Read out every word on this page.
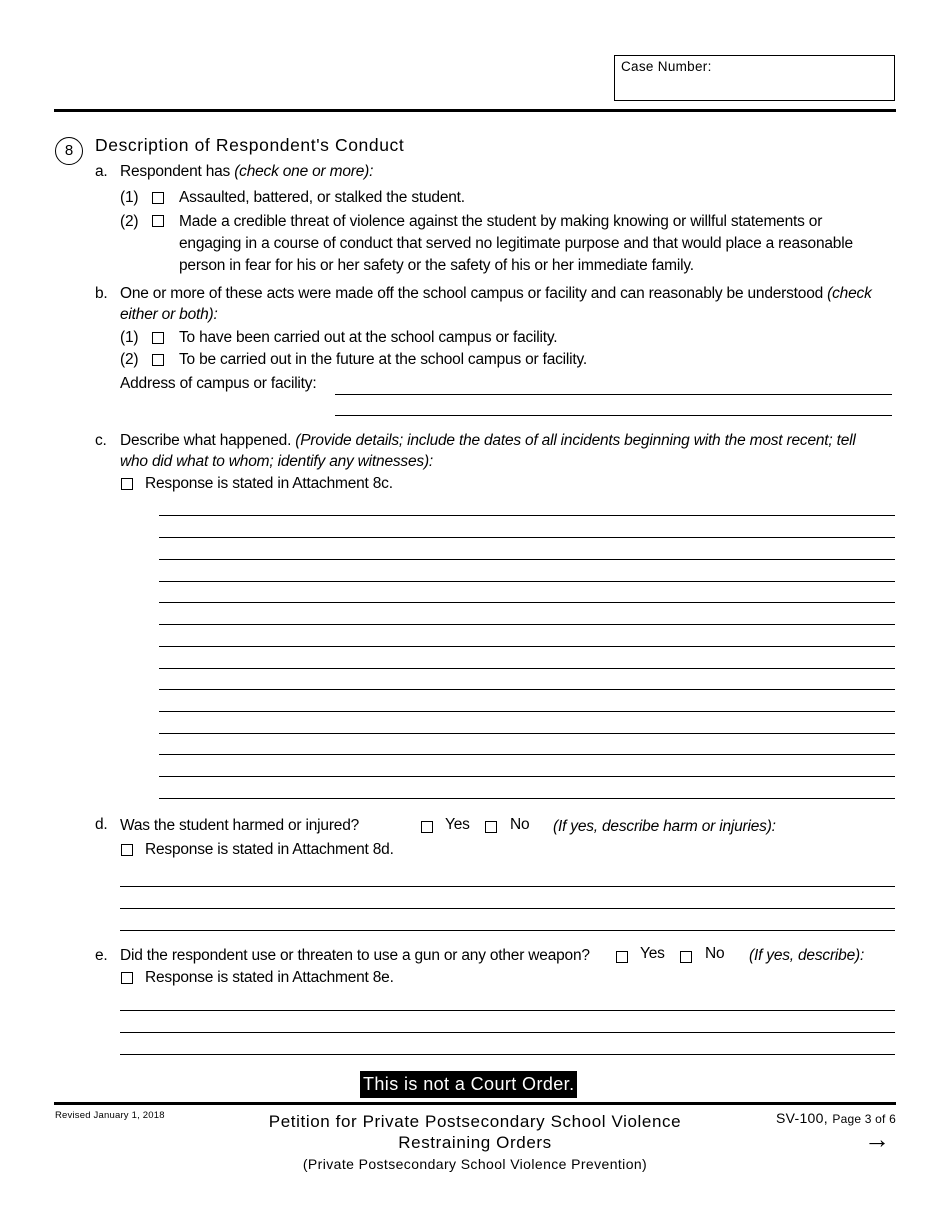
Case Number:
8	Description of Respondent's Conduct
a. Respondent has (check one or more):
(1)	Assaulted, battered, or stalked the student.
(2)	Made a credible threat of violence against the student by making knowing or willful statements or
engaging in a course of conduct that served no legitimate purpose and that would place a reasonable
person in fear for his or her safety or the safety of his or her immediate family.
b. One or more of these acts were made off the school campus or facility and can reasonably be understood (check
either or both):
(1)	To have been carried out at the school campus or facility.
(2)	To be carried out in the future at the school campus or facility.
Address of campus or facility:
c. Describe what happened. (Provide details; include the dates of all incidents beginning with the most recent; tell
who did what to whom; identify any witnesses):
Response is stated in Attachment 8c.
d. Was the student harmed or injured?	Yes	No (If yes, describe harm or injuries):
Response is stated in Attachment 8d.
e. Did the respondent use or threaten to use a gun or any other weapon?	Yes	No (If yes, describe):
Response is stated in Attachment 8e.
This is not a Court Order.
Revised January 1, 2018	Petition for Private Postsecondary School Violence
Restraining Orders
(Private Postsecondary School Violence Prevention)
SV-100, Page 3 of 6
→
